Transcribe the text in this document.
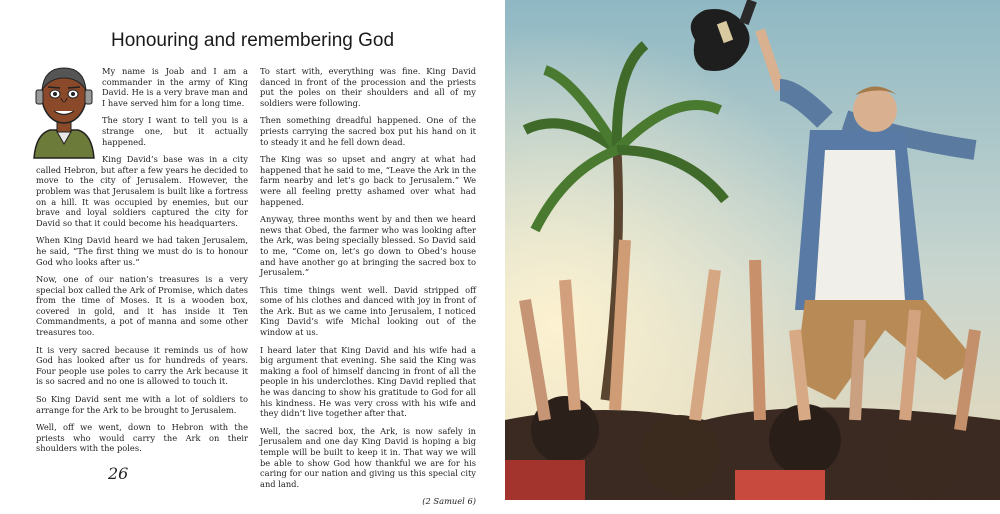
Honouring and remembering God

My name is Joab and I am a commander in the army of King David. He is a very brave man and I have served him for a long time.

The story I want to tell you is a strange one, but it actually happened.

King David’s base was in a city called Hebron, but after a few years he decided to move to the city of Jerusalem. However, the problem was that Jerusalem is built like a fortress on a hill. It was occupied by enemies, but our brave and loyal soldiers captured the city for David so that it could become his headquarters.

When King David heard we had taken Jerusalem, he said, “The first thing we must do is to honour God who looks after us.”

Now, one of our nation’s treasures is a very special box called the Ark of Promise, which dates from the time of Moses. It is a wooden box, covered in gold, and it has inside it Ten Commandments, a pot of manna and some other treasures too.

It is very sacred because it reminds us of how God has looked after us for hundreds of years. Four people use poles to carry the Ark because it is so sacred and no one is allowed to touch it.

So King David sent me with a lot of soldiers to arrange for the Ark to be brought to Jerusalem.

Well, off we went, down to Hebron with the priests who would carry the Ark on their shoulders with the poles.

To start with, everything was fine. King David danced in front of the procession and the priests put the poles on their shoulders and all of my soldiers were following.

Then something dreadful happened. One of the priests carrying the sacred box put his hand on it to steady it and he fell down dead.

The King was so upset and angry at what had happened that he said to me, “Leave the Ark in the farm nearby and let’s go back to Jerusalem.” We were all feeling pretty ashamed over what had happened.

Anyway, three months went by and then we heard news that Obed, the farmer who was looking after the Ark, was being specially blessed. So David said to me, “Come on, let’s go down to Obed’s house and have another go at bringing the sacred box to Jerusalem.”

This time things went well. David stripped off some of his clothes and danced with joy in front of the Ark. But as we came into Jerusalem, I noticed King David’s wife Michal looking out of the window at us.

I heard later that King David and his wife had a big argument that evening. She said the King was making a fool of himself dancing in front of all the people in his underclothes. King David replied that he was dancing to show his gratitude to God for all his kindness. He was very cross with his wife and they didn’t live together after that.

Well, the sacred box, the Ark, is now safely in Jerusalem and one day King David is hoping a big temple will be built to keep it in. That way we will be able to show God how thankful we are for his caring for our nation and giving us this special city and land.

(2 Samuel 6)

26
